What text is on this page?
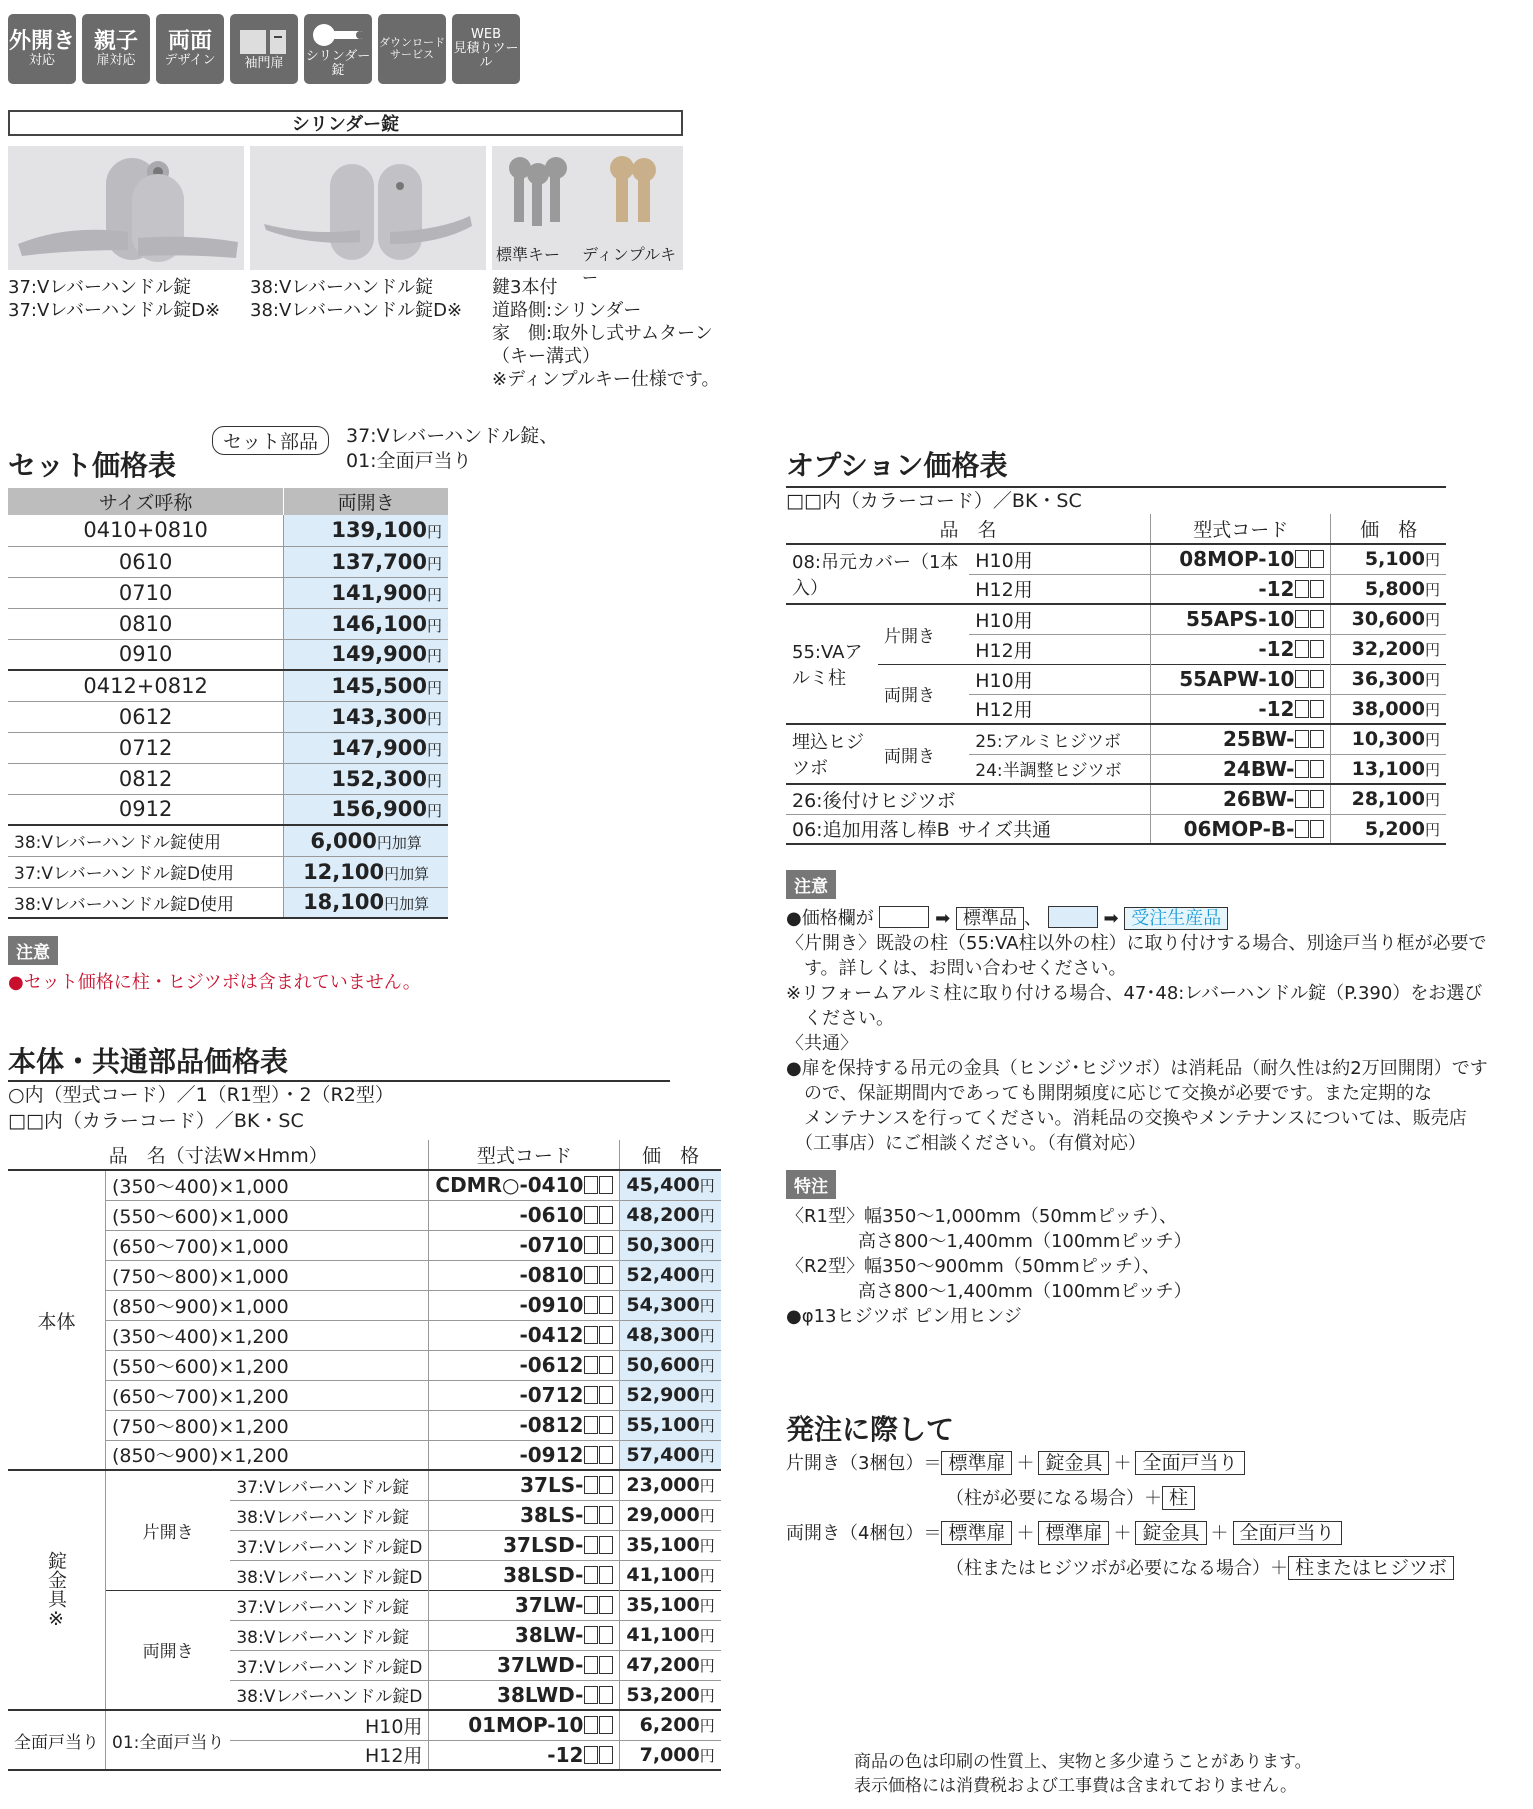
外開き
対応
親子
扉対応
両面
デザイン 袖門扉 シリンダー錠
ダウンロード
サービス
WEB
見積りツール
シリンダー錠
標準キー ディンプルキー
37:Vレバーハンドル錠
37:Vレバーハンドル錠D※
38:Vレバーハンドル錠
38:Vレバーハンドル錠D※
鍵3本付
道路側:シリンダー
家　側:取外し式サムターン
（キー溝式）
※ディンプルキー仕様です。
セット価格表
セット部品	37:Vレバーハンドル錠、
01:全面戸当り
サイズ呼称	両開き
0410+0810	139,100円
0610	137,700円
0710	141,900円
0810	146,100円
0910	149,900円
0412+0812	145,500円
0612	143,300円
0712	147,900円
0812	152,300円
0912	156,900円
38:Vレバーハンドル錠使用	6,000円加算
37:Vレバーハンドル錠D使用	12,100円加算
38:Vレバーハンドル錠D使用	18,100円加算
注意
●セット価格に柱・ヒジツボは含まれていません。
本体・共通部品価格表
○内（型式コード）／1（R1型）・2（R2型）
□□内（カラーコード）／BK・SC
品　名（寸法W×Hmm）			型式コード	価　格
本体	(350～400)×1,000		CDMR○-0410	45,400円
	(550～600)×1,000		-0610	48,200円
	(650～700)×1,000		-0710	50,300円
	(750～800)×1,000		-0810	52,400円
	(850～900)×1,000		-0910	54,300円
	(350～400)×1,200		-0412	48,300円
	(550～600)×1,200		-0612	50,600円
	(650～700)×1,200		-0712	52,900円
	(750～800)×1,200		-0812	55,100円
	(850～900)×1,200		-0912	57,400円
錠金具※	片開き	37:Vレバーハンドル錠	37LS-	23,000円
		38:Vレバーハンドル錠	38LS-	29,000円
		37:Vレバーハンドル錠D	37LSD-	35,100円
		38:Vレバーハンドル錠D	38LSD-	41,100円
	両開き	37:Vレバーハンドル錠	37LW-	35,100円
		38:Vレバーハンドル錠	38LW-	41,100円
		37:Vレバーハンドル錠D	37LWD-	47,200円
		38:Vレバーハンドル錠D	38LWD-	53,200円
全面戸当り	01:全面戸当り	H10用	01MOP-10	6,200円
		H12用	-12	7,000円
オプション価格表
□□内（カラーコード）／BK・SC
品　名			型式コード	価　格
08:吊元カバー（1本入）		H10用	08MOP-10	5,100円
		H12用	-12	5,800円
55:VAアルミ柱	片開き	H10用	55APS-10	30,600円
		H12用	-12	32,200円
	両開き	H10用	55APW-10	36,300円
		H12用	-12	38,000円
埋込ヒジツボ	両開き	25:アルミヒジツボ	25BW-	10,300円
		24:半調整ヒジツボ	24BW-	13,100円
26:後付けヒジツボ			26BW-	28,100円
06:追加用落し棒B サイズ共通			06MOP-B-	5,200円
注意
●価格欄が	➡ 標準品 、	➡ 受注生産品
〈片開き〉既設の柱（55:VA柱以外の柱）に取り付けする場合、別途戸当り框が必要で
　す。詳しくは、お問い合わせください。
※リフォームアルミ柱に取り付ける場合、47･48:レバーハンドル錠（P.390）をお選び
　ください。
〈共通〉
●扉を保持する吊元の金具（ヒンジ･ヒジツボ）は消耗品（耐久性は約2万回開閉）です
　ので、保証期間内であっても開閉頻度に応じて交換が必要です。また定期的な
　メンテナンスを行ってください。消耗品の交換やメンテナンスについては、販売店
　（工事店）にご相談ください。（有償対応）
特注
〈R1型〉幅350～1,000mm（50mmピッチ）、
　　　　高さ800～1,400mm（100mmピッチ）
〈R2型〉幅350～900mm（50mmピッチ）、
　　　　高さ800～1,400mm（100mmピッチ）
●φ13ヒジツボ ピン用ヒンジ
発注に際して
片開き（3梱包）＝ 標準扉 ＋ 錠金具 ＋ 全面戸当り
（柱が必要になる場合）＋ 柱
両開き（4梱包）＝ 標準扉 ＋ 標準扉 ＋ 錠金具 ＋ 全面戸当り
（柱またはヒジツボが必要になる場合）＋ 柱またはヒジツボ
商品の色は印刷の性質上、実物と多少違うことがあります。
表示価格には消費税および工事費は含まれておりません。
